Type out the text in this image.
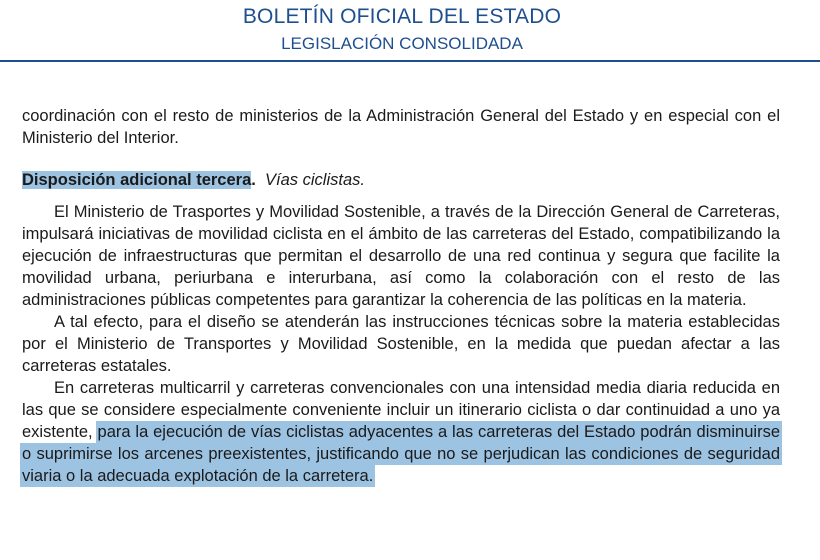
BOLETÍN OFICIAL DEL ESTADO
LEGISLACIÓN CONSOLIDADA

coordinación con el resto de ministerios de la Administración General del Estado y en especial con el Ministerio del Interior.

Disposición adicional tercera. Vías ciclistas.

El Ministerio de Trasportes y Movilidad Sostenible, a través de la Dirección General de Carreteras, impulsará iniciativas de movilidad ciclista en el ámbito de las carreteras del Estado, compatibilizando la ejecución de infraestructuras que permitan el desarrollo de una red continua y segura que facilite la movilidad urbana, periurbana e interurbana, así como la colaboración con el resto de las administraciones públicas competentes para garantizar la coherencia de las políticas en la materia.

A tal efecto, para el diseño se atenderán las instrucciones técnicas sobre la materia establecidas por el Ministerio de Transportes y Movilidad Sostenible, en la medida que puedan afectar a las carreteras estatales.

En carreteras multicarril y carreteras convencionales con una intensidad media diaria reducida en las que se considere especialmente conveniente incluir un itinerario ciclista o dar continuidad a uno ya existente, para la ejecución de vías ciclistas adyacentes a las carreteras del Estado podrán disminuirse o suprimirse los arcenes preexistentes, justificando que no se perjudican las condiciones de seguridad viaria o la adecuada explotación de la carretera.
